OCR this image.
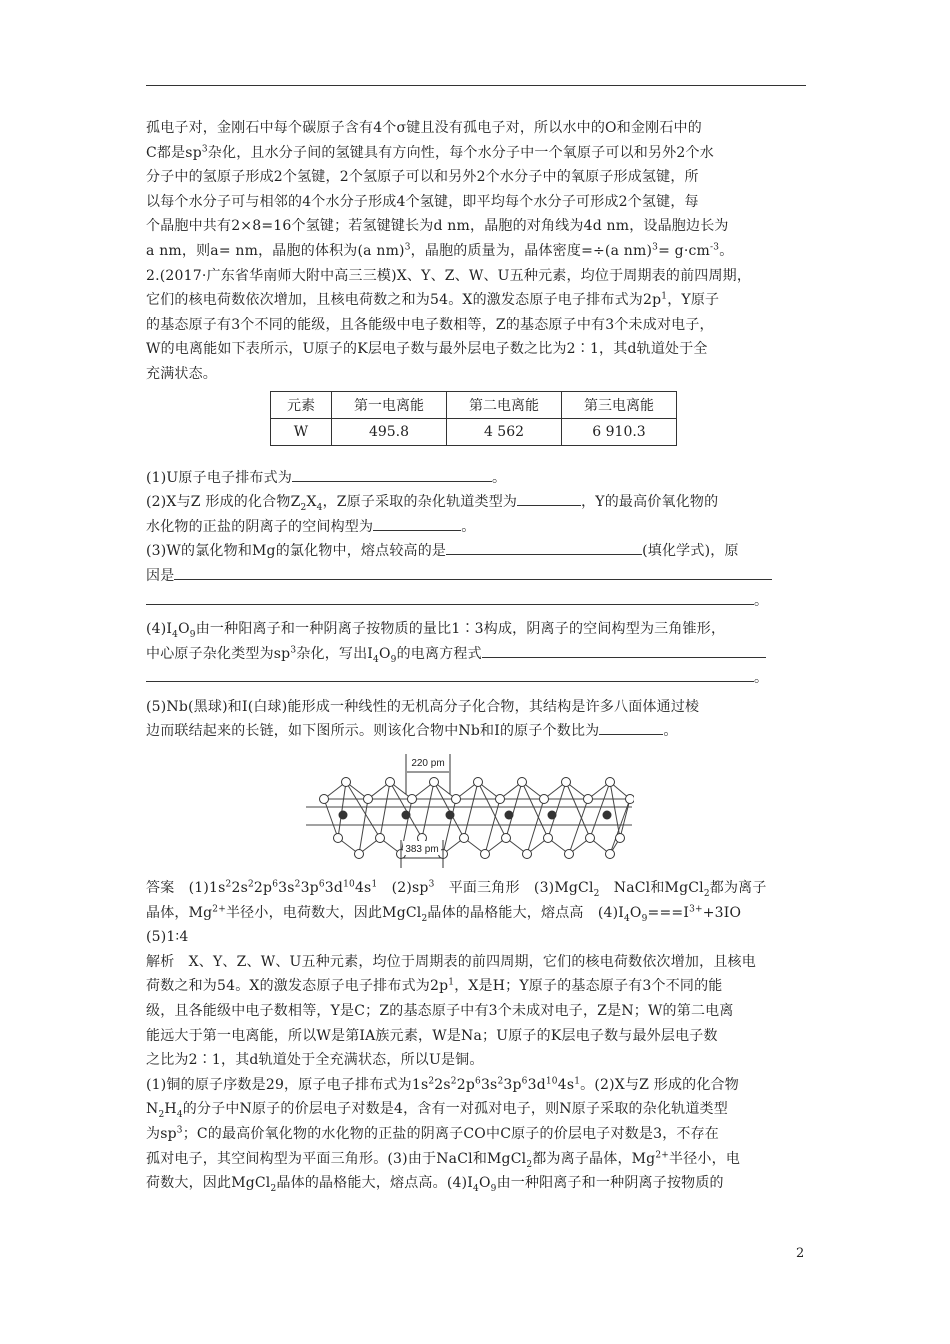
孤电子对，金刚石中每个碳原子含有4个σ键且没有孤电子对，所以水中的O和金刚石中的

C都是$sp^3$杂化，且水分子间的氢键具有方向性，每个水分子中一个氧原子可以和另外2个水

分子中的氢原子形成2个氢键，2个氢原子可以和另外2个水分子中的氧原子形成氢键，所

以每个水分子可与相邻的4个水分子形成4个氢键，即平均每个水分子可形成2个氢键，每

个晶胞中共有2×8=16个氢键；若氢键键长为d nm，晶胞的对角线为4d nm，设晶胞边长为

a nm，则a= nm，晶胞的体积为(a nm)$^3$，晶胞的质量为，晶体密度=÷(a $nm)^3= g\cdot cm^{-3}$。

2.(2017·广东省华南师大附中高三三模)X、Y、Z、W、U五种元素，均位于周期表的前四周期，

它们的核电荷数依次增加，且核电荷数之和为54。X的激发态原子电子排布式为$2p^1$，Y原子

的基态原子有3个不同的能级，且各能级中电子数相等，Z的基态原子中有3个未成对电子，

W的电离能如下表所示，U原子的K层电子数与最外层电子数之比为2∶1，其d轨道处于全

充满状态。

元素	第一电离能	第二电离能	第三电离能
W	495.8	4 562	6 910.3

(1)U原子电子排布式为	。

(2)X与Z 形成的化合物$Z_2X_4$，Z原子采取的杂化轨道类型为	，Y的最高价氧化物的

水化物的正盐的阴离子的空间构型为	。

(3)W的氯化物和Mg的氯化物中，熔点较高的是	(填化学式)，原

因是

。

$(4)I_4O_9$由一种阳离子和一种阴离子按物质的量比1∶3构成，阴离子的空间构型为三角锥形，

中心原子杂化类型为$sp^3$杂化，写出$I_4O_9$的电离方程式

。

(5)Nb(黑球)和I(白球)能形成一种线性的无机高分子化合物，其结构是许多八面体通过棱

边而联结起来的长链，如下图所示。则该化合物中Nb和I的原子个数比为	。

220 pm
383 pm

答案　 $(1)1s^22s^22p^63s^23p^63d^{10}4s^1$　 $(2)sp^3$　 平面三角形　 (3)MgCl$_2$　 NaCl和MgCl$_2$都为离子

晶体，$Mg^{2+}$半径小，电荷数大，因此MgCl$_2$晶体的晶格能大，熔点高　 $(4)I_4O_9===I^{3+}+3IO$

(5)1∶4

解析　 X、Y、Z、W、U五种元素，均位于周期表的前四周期，它们的核电荷数依次增加，且核电

荷数之和为54。X的激发态原子电子排布式为$2p^1$，X是H；Y原子的基态原子有3个不同的能

级，且各能级中电子数相等，Y是C；Z的基态原子中有3个未成对电子，Z是N；W的第二电离

能远大于第一电离能，所以W是第ⅠA族元素，W是Na；U原子的K层电子数与最外层电子数

之比为2∶1，其d轨道处于全充满状态，所以U是铜。

(1)铜的原子序数是29，原子电子排布式为$1s^22s^22p^63s^23p^63d^{10}4s^1$。(2)X与Z 形成的化合物

$N_2H_4$的分子中N原子的价层电子对数是4，含有一对孤对电子，则N原子采取的杂化轨道类型

为$sp^3$；C的最高价氧化物的水化物的正盐的阴离子CO中C原子的价层电子对数是3，不存在

孤对电子，其空间构型为平面三角形。(3)由于NaCl和MgCl$_2$都为离子晶体，$Mg^{2+}$半径小，电

荷数大，因此MgCl$_2$晶体的晶格能大，熔点高。$(4)I_4O_9$由一种阳离子和一种阴离子按物质的

2
